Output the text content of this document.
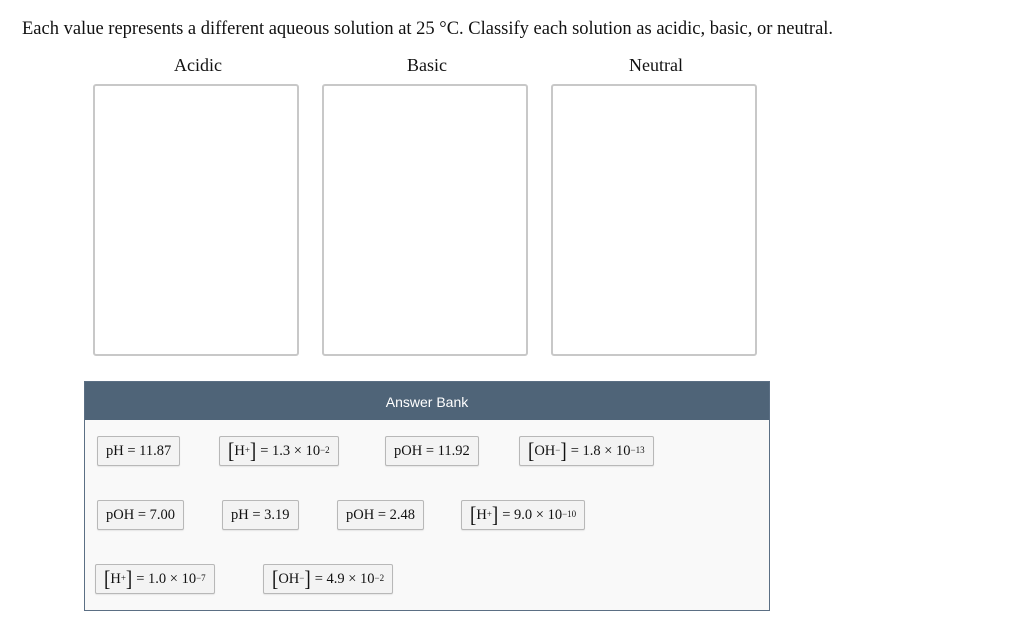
Each value represents a different aqueous solution at 25 °C. Classify each solution as acidic, basic, or neutral.
Acidic	Basic	Neutral
Answer Bank
pH = 11.87	[ H+ ] = $1.3 \times 10^{-2}$	pOH = 11.92	[ OH− ] = $1.8 \times 10^{-13}$
pOH = 7.00	pH = 3.19	pOH = 2.48	[ H+ ] = $9.0 \times 10^{-10}$
[ H+ ] = $1.0 \times 10^{-7}$	[ OH− ] = $4.9 \times 10^{-2}$
